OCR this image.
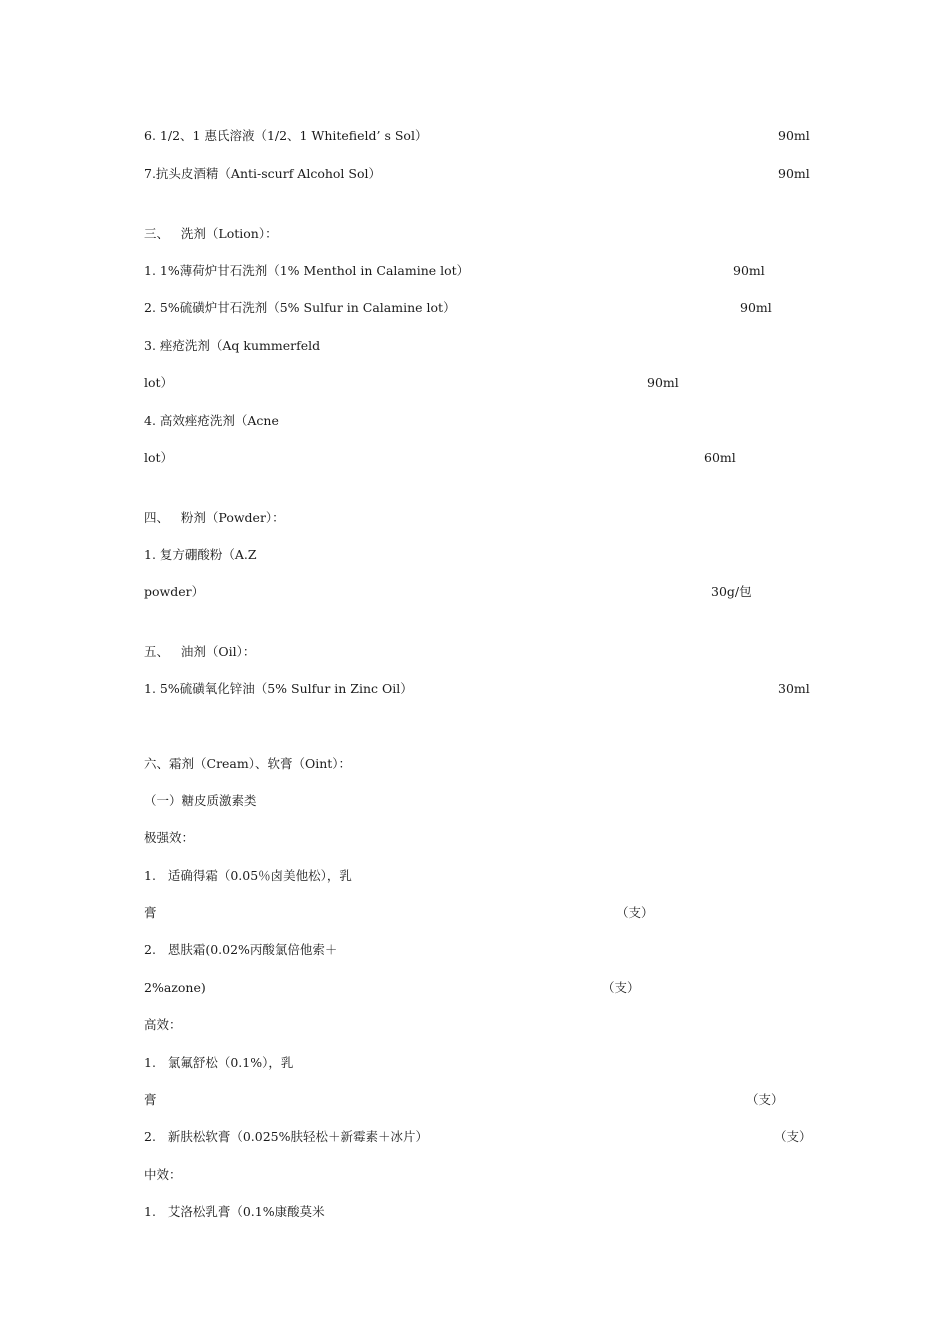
6. 1/2、1 惠氏溶液（1/2、1 Whitefield’ s Sol）	90ml
7.抗头皮酒精（Anti-scurf Alcohol Sol）	90ml
三、   洗剂（Lotion）：
1. 1%薄荷炉甘石洗剂（1% Menthol in Calamine lot）	90ml
2. 5%硫磺炉甘石洗剂（5% Sulfur in Calamine lot）	90ml
3. 痤疮洗剂（Aq kummerfeld
lot）	90ml
4. 高效痤疮洗剂（Acne
lot）	60ml
四、   粉剂（Powder）：
1. 复方硼酸粉（A.Z
powder）	30g/包
五、   油剂（Oil）：
1. 5%硫磺氧化锌油（5% Sulfur in Zinc Oil）	30ml
六、霜剂（Cream）、软膏（Oint）：
（一）糖皮质激素类
极强效：
1.   适确得霜（0.05％卤美他松），乳
膏	（支）
2.   恩肤霜(0.02%丙酸氯倍他索＋
2%azone)	（支）
高效：
1.   氯氟舒松（0.1%），乳
膏	（支）
2.   新肤松软膏（0.025%肤轻松＋新霉素＋冰片）	（支）
中效：
1.   艾洛松乳膏（0.1%康酸莫米
